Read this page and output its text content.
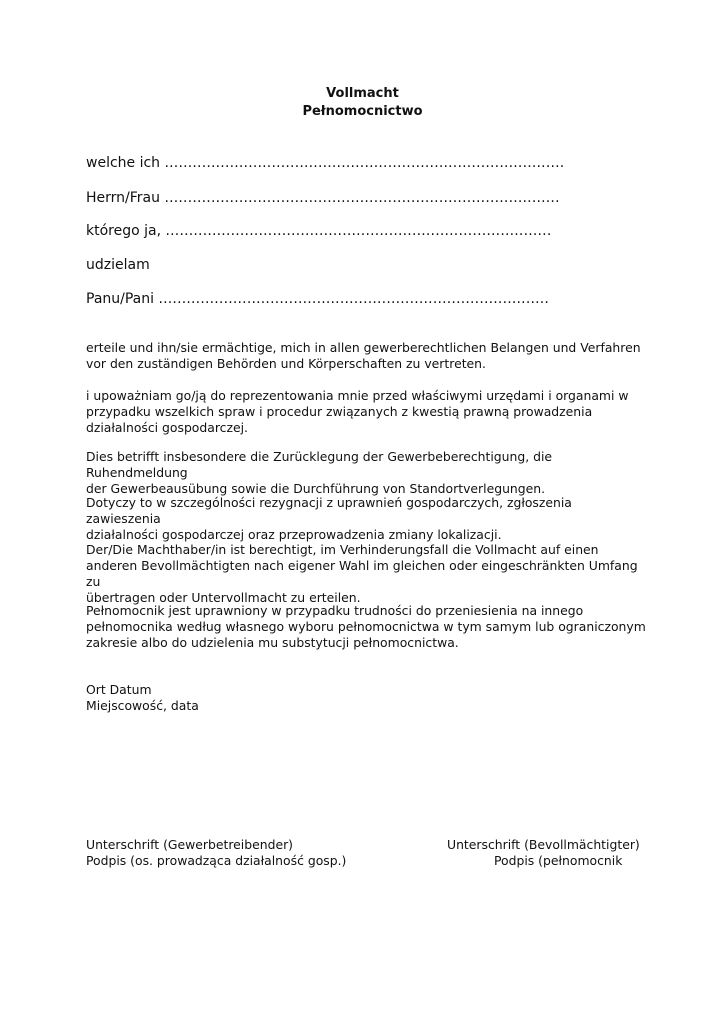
Vollmacht
Pełnomocnictwo
welche ich ......................................................................................
Herrn/Frau .....................................................................................
którego ja, ...................................................................................
udzielam
Panu/Pani ....................................................................................
erteile und ihn/sie ermächtige, mich in allen gewerberechtlichen Belangen und Verfahren
vor den zuständigen Behörden und Körperschaften zu vertreten.
i upoważniam go/ją do reprezentowania mnie przed właściwymi urzędami i organami w
przypadku wszelkich spraw i procedur związanych z kwestią prawną prowadzenia
działalności gospodarczej.
Dies betrifft insbesondere die Zurücklegung der Gewerbeberechtigung, die Ruhendmeldung
der Gewerbeausübung sowie die Durchführung von Standortverlegungen.
Dotyczy to w szczególności rezygnacji z uprawnień gospodarczych, zgłoszenia zawieszenia
działalności gospodarczej oraz przeprowadzenia zmiany lokalizacji.
Der/Die Machthaber/in ist berechtigt, im Verhinderungsfall die Vollmacht auf einen
anderen Bevollmächtigten nach eigener Wahl im gleichen oder eingeschränkten Umfang zu
übertragen oder Untervollmacht zu erteilen.
Pełnomocnik jest uprawniony w przypadku trudności do przeniesienia na innego
pełnomocnika według własnego wyboru pełnomocnictwa w tym samym lub ograniczonym
zakresie albo do udzielenia mu substytucji pełnomocnictwa.
Ort Datum
Miejscowość, data
Unterschrift (Gewerbetreibender)
Podpis (os. prowadząca działalność gosp.)
Unterschrift (Bevollmächtigter)
Podpis (pełnomocnik
